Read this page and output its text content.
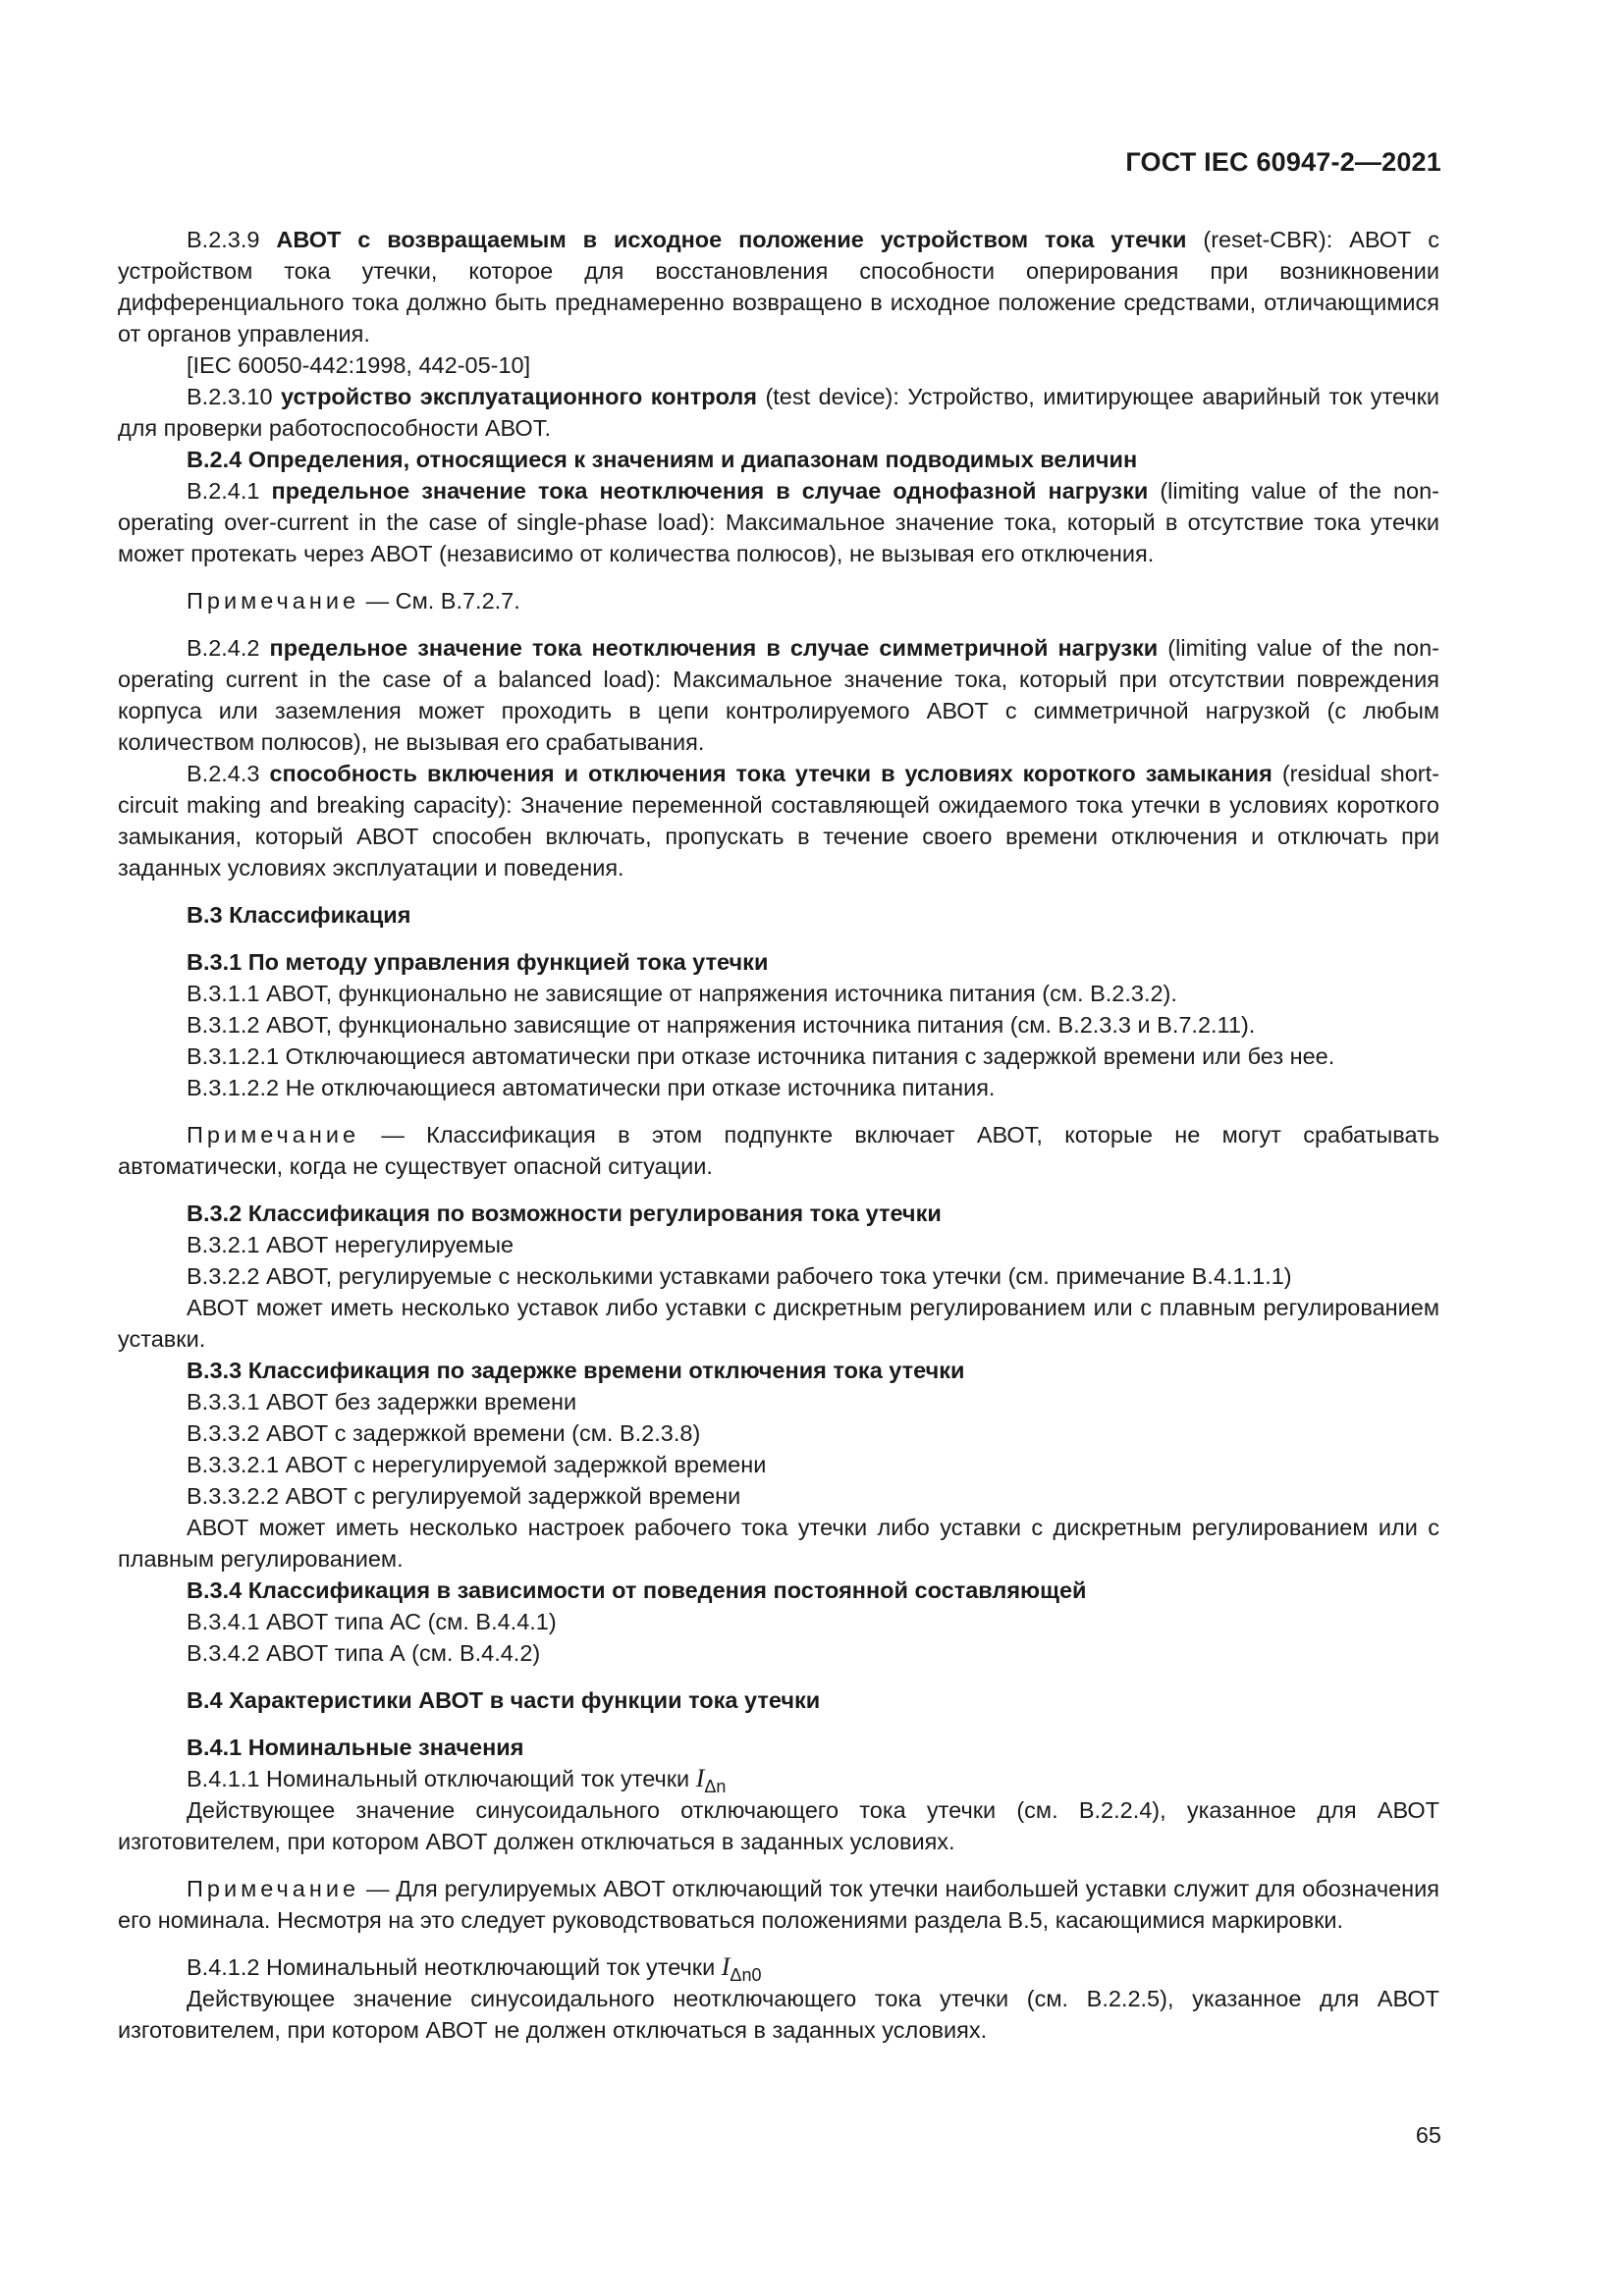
ГОСТ IEC 60947-2—2021

B.2.3.9 АВОТ с возвращаемым в исходное положение устройством тока утечки (reset-CBR): АВОТ с устройством тока утечки, которое для восстановления способности оперирования при возникновении дифференциального тока должно быть преднамеренно возвращено в исходное положение средствами, отличающимися от органов управления.

[IEC 60050-442:1998, 442-05-10]

B.2.3.10 устройство эксплуатационного контроля (test device): Устройство, имитирующее аварийный ток утечки для проверки работоспособности АВОТ.

B.2.4 Определения, относящиеся к значениям и диапазонам подводимых величин

B.2.4.1 предельное значение тока неотключения в случае однофазной нагрузки (limiting value of the non-operating over-current in the case of single-phase load): Максимальное значение тока, который в отсутствие тока утечки может протекать через АВОТ (независимо от количества полюсов), не вызывая его отключения.

Примечание — См. B.7.2.7.

B.2.4.2 предельное значение тока неотключения в случае симметричной нагрузки (limiting value of the non-operating current in the case of a balanced load): Максимальное значение тока, который при отсутствии повреждения корпуса или заземления может проходить в цепи контролируемого АВОТ с симметричной нагрузкой (с любым количеством полюсов), не вызывая его срабатывания.

B.2.4.3 способность включения и отключения тока утечки в условиях короткого замыкания (residual short-circuit making and breaking capacity): Значение переменной составляющей ожидаемого тока утечки в условиях короткого замыкания, который АВОТ способен включать, пропускать в течение своего времени отключения и отключать при заданных условиях эксплуатации и поведения.

B.3 Классификация

B.3.1 По методу управления функцией тока утечки

B.3.1.1 АВОТ, функционально не зависящие от напряжения источника питания (см. B.2.3.2).

B.3.1.2 АВОТ, функционально зависящие от напряжения источника питания (см. B.2.3.3 и B.7.2.11).

B.3.1.2.1 Отключающиеся автоматически при отказе источника питания с задержкой времени или без нее.

B.3.1.2.2 Не отключающиеся автоматически при отказе источника питания.

Примечание — Классификация в этом подпункте включает АВОТ, которые не могут срабатывать автоматически, когда не существует опасной ситуации.

B.3.2 Классификация по возможности регулирования тока утечки

B.3.2.1 АВОТ нерегулируемые

B.3.2.2 АВОТ, регулируемые с несколькими уставками рабочего тока утечки (см. примечание B.4.1.1.1)

АВОТ может иметь несколько уставок либо уставки с дискретным регулированием или с плавным регулированием уставки.

B.3.3 Классификация по задержке времени отключения тока утечки

B.3.3.1 АВОТ без задержки времени

B.3.3.2 АВОТ с задержкой времени (см. B.2.3.8)

B.3.3.2.1 АВОТ с нерегулируемой задержкой времени

B.3.3.2.2 АВОТ с регулируемой задержкой времени

АВОТ может иметь несколько настроек рабочего тока утечки либо уставки с дискретным регулированием или с плавным регулированием.

B.3.4 Классификация в зависимости от поведения постоянной составляющей

B.3.4.1 АВОТ типа АС (см. B.4.4.1)

B.3.4.2 АВОТ типа А (см. B.4.4.2)

B.4 Характеристики АВОТ в части функции тока утечки

B.4.1 Номинальные значения

B.4.1.1 Номинальный отключающий ток утечки $I_{\Delta n}$

Действующее значение синусоидального отключающего тока утечки (см. B.2.2.4), указанное для АВОТ изготовителем, при котором АВОТ должен отключаться в заданных условиях.

Примечание — Для регулируемых АВОТ отключающий ток утечки наибольшей уставки служит для обозначения его номинала. Несмотря на это следует руководствоваться положениями раздела B.5, касающимися маркировки.

B.4.1.2 Номинальный неотключающий ток утечки $I_{\Delta n0}$

Действующее значение синусоидального неотключающего тока утечки (см. B.2.2.5), указанное для АВОТ изготовителем, при котором АВОТ не должен отключаться в заданных условиях.

65
